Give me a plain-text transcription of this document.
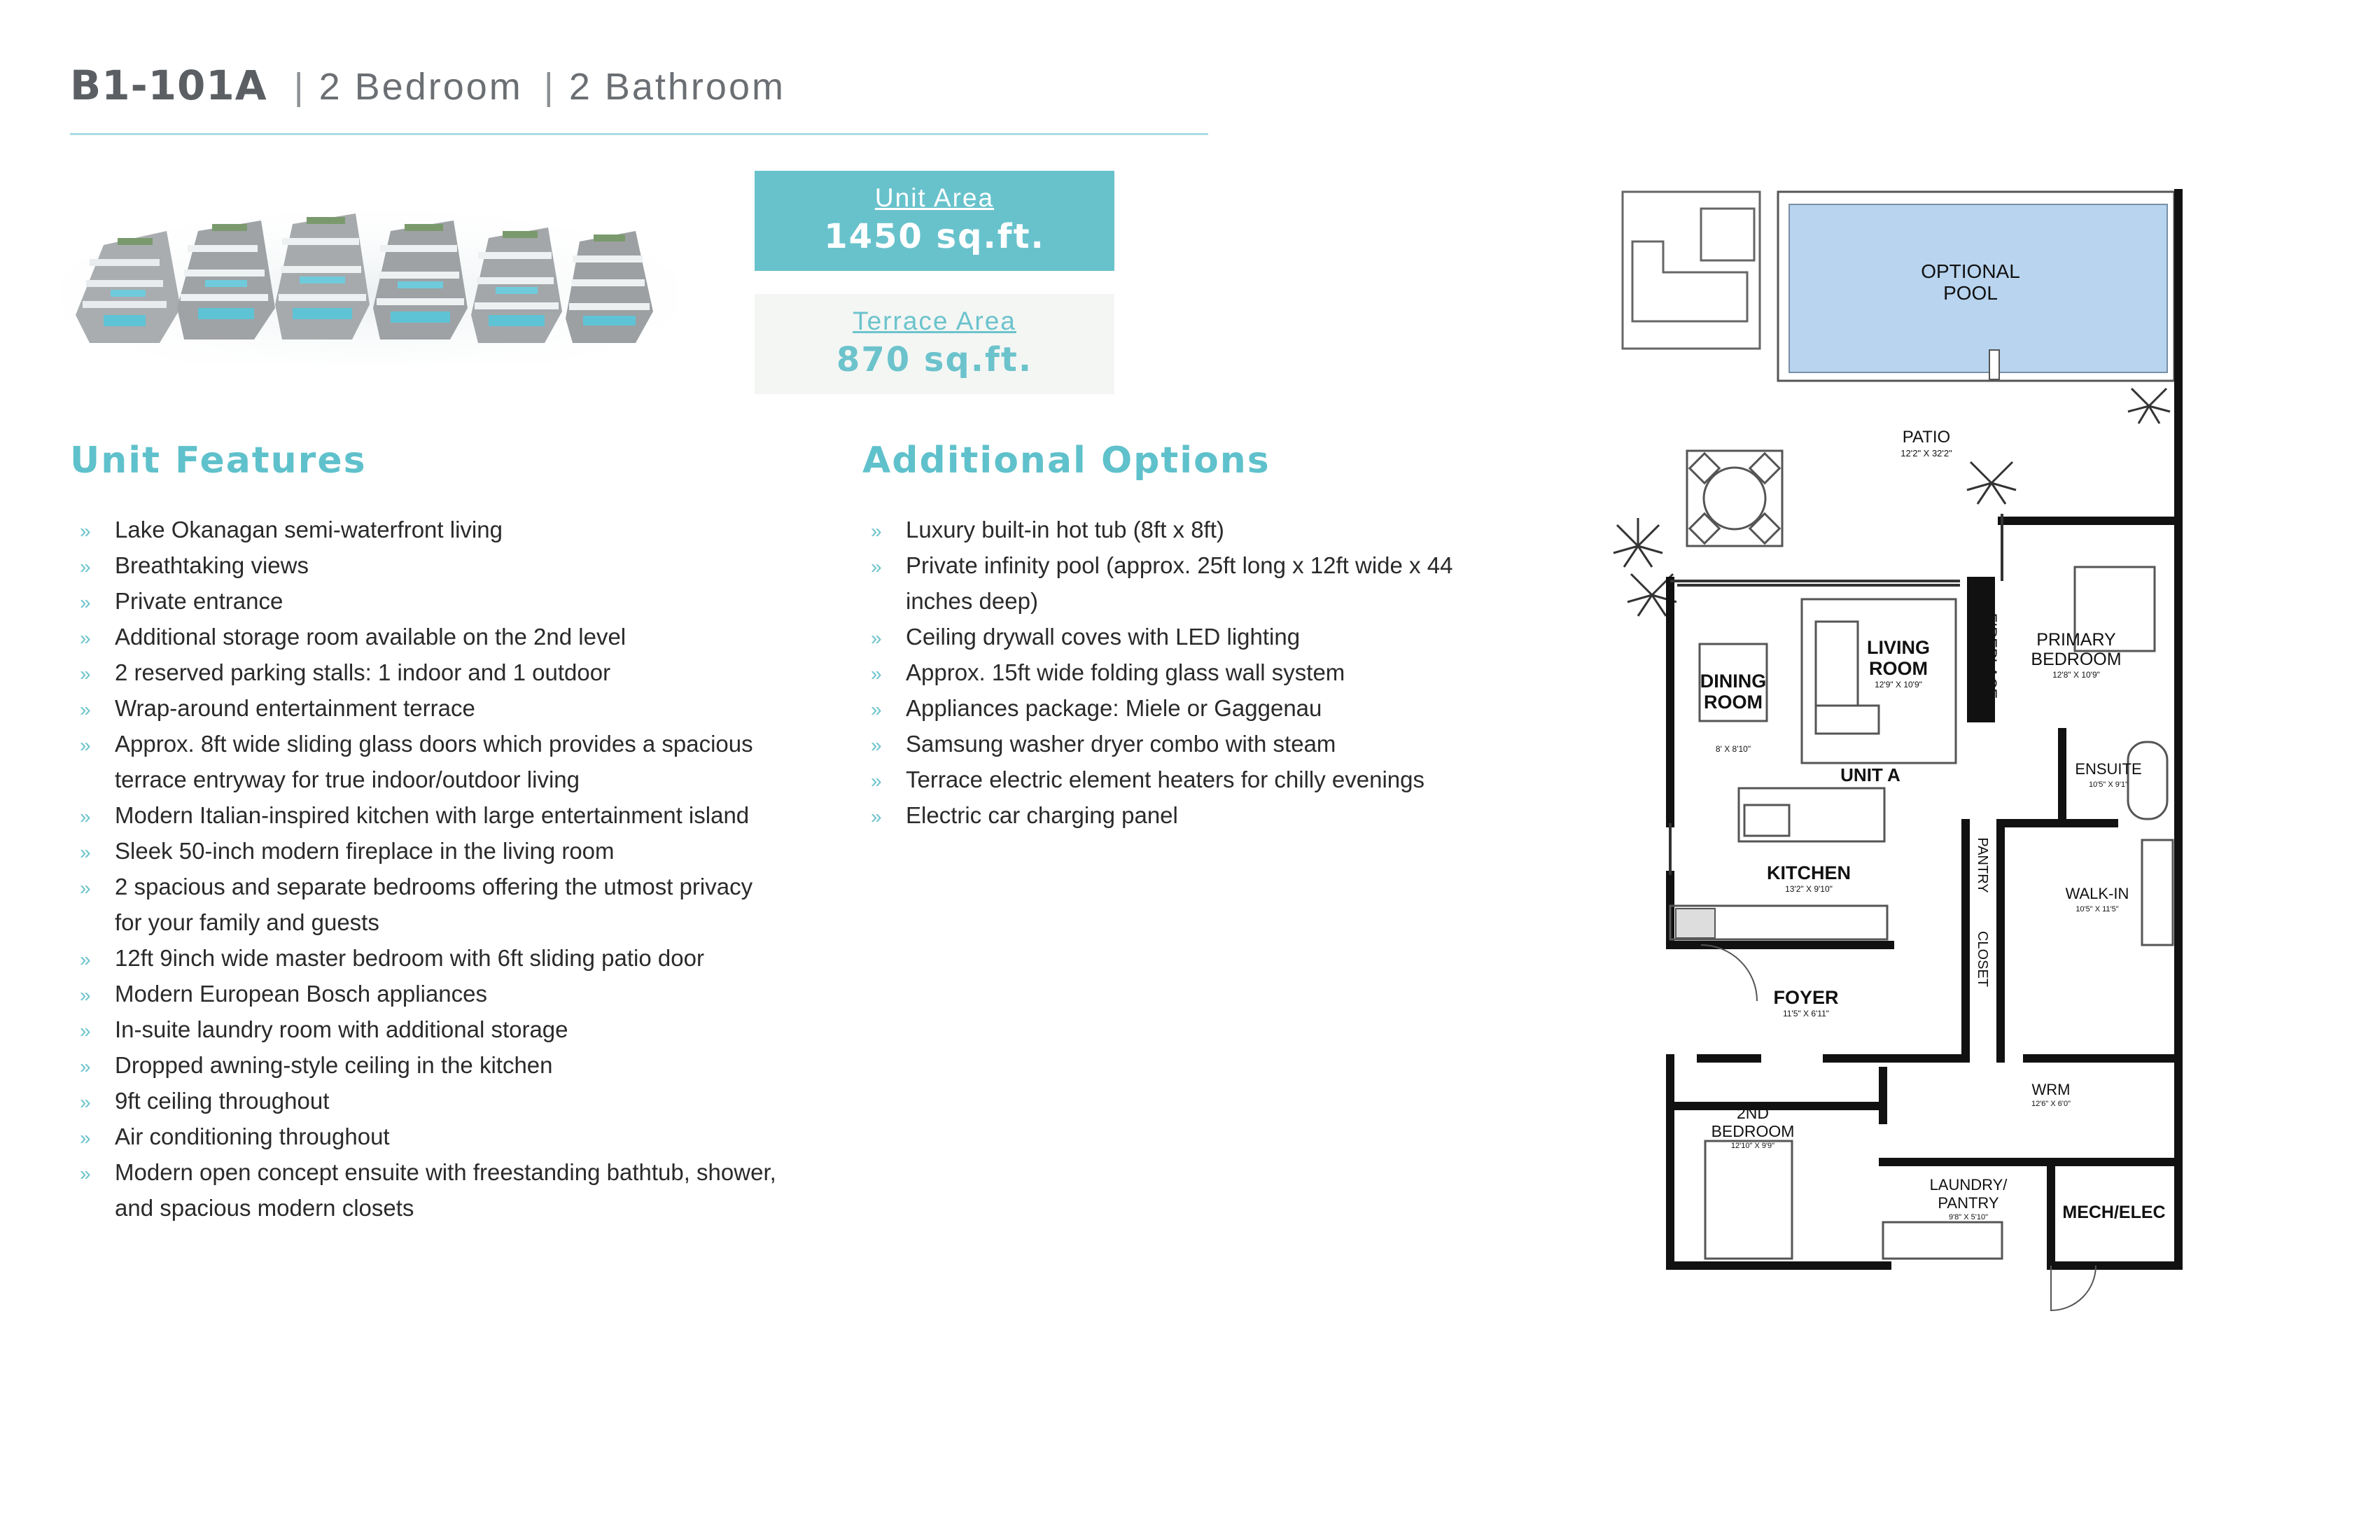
B1-101A | 2 Bedroom | 2 Bathroom
Unit Area
1450 sq.ft.
Terrace Area
870 sq.ft.
Unit Features
» Lake Okanagan semi-waterfront living
» Breathtaking views
» Private entrance
» Additional storage room available on the 2nd level
» 2 reserved parking stalls: 1 indoor and 1 outdoor
» Wrap-around entertainment terrace
» Approx. 8ft wide sliding glass doors which provides a spacious terrace entryway for true indoor/outdoor living
» Modern Italian-inspired kitchen with large entertainment island
» Sleek 50-inch modern fireplace in the living room
» 2 spacious and separate bedrooms offering the utmost privacy for your family and guests
» 12ft 9inch wide master bedroom with 6ft sliding patio door
» Modern European Bosch appliances
» In-suite laundry room with additional storage
» Dropped awning-style ceiling in the kitchen
» 9ft ceiling throughout
» Air conditioning throughout
» Modern open concept ensuite with freestanding bathtub, shower, and spacious modern closets
Additional Options
» Luxury built-in hot tub (8ft x 8ft)
» Private infinity pool (approx. 25ft long x 12ft wide x 44 inches deep)
» Ceiling drywall coves with LED lighting
» Approx. 15ft wide folding glass wall system
» Appliances package: Miele or Gaggenau
» Samsung washer dryer combo with steam
» Terrace electric element heaters for chilly evenings
» Electric car charging panel
OPTIONAL
POOL
PATIO
12'2" X 32'2"
LIVING
ROOM
12'9" X 10'9"	FIREPLACE
DINING
ROOM
8' X 8'10"
UNIT A
KITCHEN
13'2" X 9'10"
PRIMARY
BEDROOM
12'8" X 10'9"
ENSUITE
10'5" X 9'1"
PANTRY
CLOSET
WALK-IN
10'5" X 11'5"
FOYER
11'5" X 6'11"
WRM
12'6" X 6'0"
2ND
BEDROOM
12'10" X 9'9"
LAUNDRY/
PANTRY
9'8" X 5'10"	MECH/ELEC
